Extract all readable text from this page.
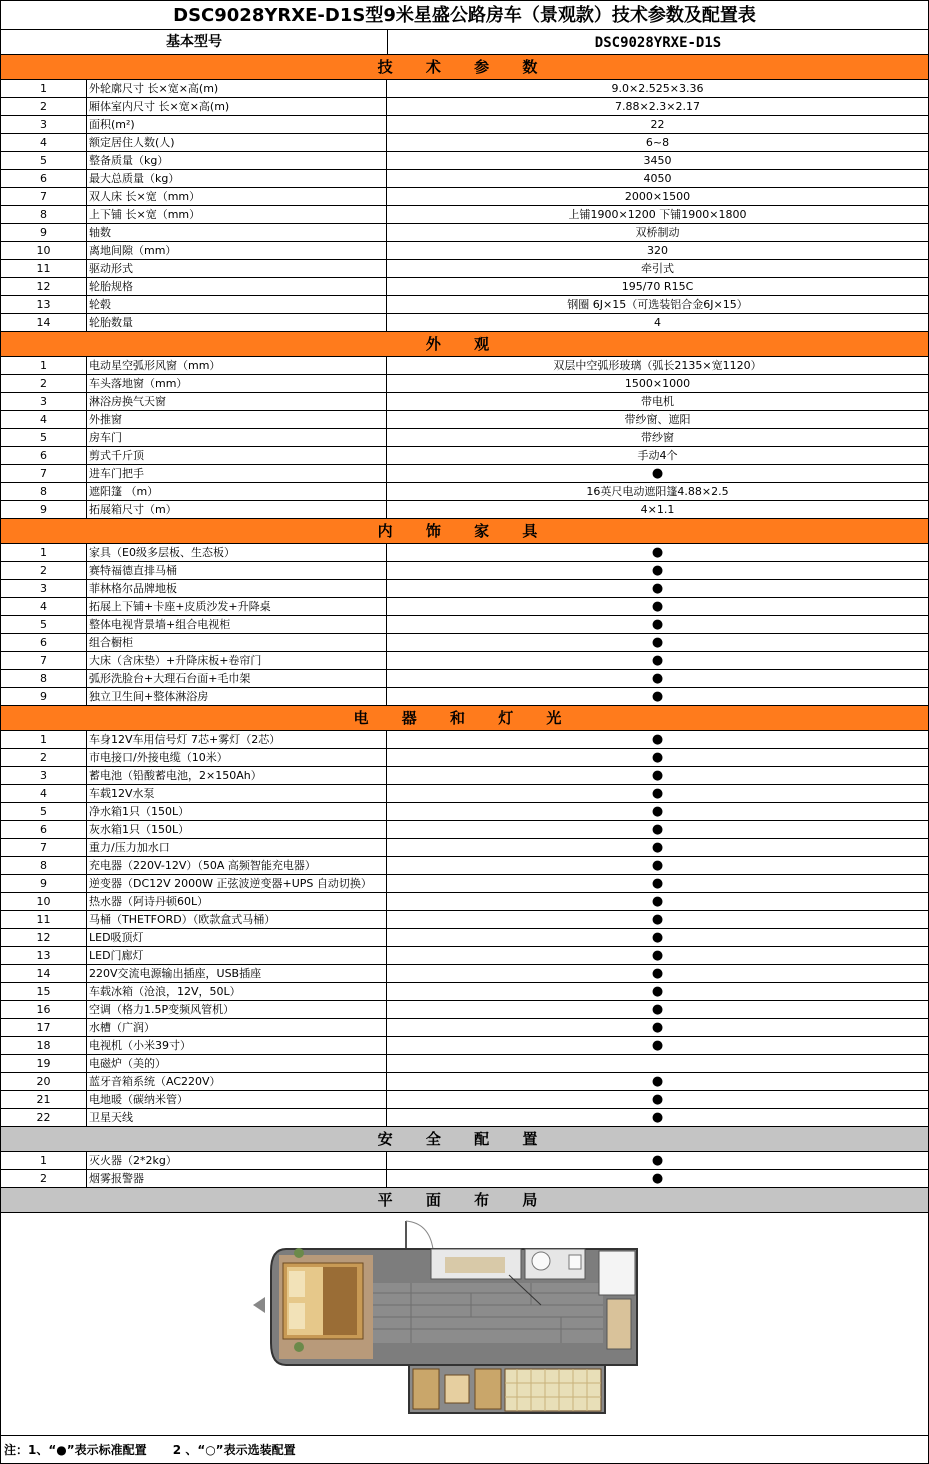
DSC9028YRXE-D1S型9米星盛公路房车（景观款）技术参数及配置表
基本型号	DSC9028YRXE-D1S
技 术 参 数
1	外轮廓尺寸 长×宽×高(m)	9.0×2.525×3.36
2	厢体室内尺寸 长×宽×高(m)	7.88×2.3×2.17
3	面积(m²)	22
4	额定居住人数(人)	6~8
5	整备质量（kg）	3450
6	最大总质量（kg）	4050
7	双人床 长×宽（mm）	2000×1500
8	上下铺 长×宽（mm）	上铺1900×1200 下铺1900×1800
9	轴数	双桥制动
10	离地间隙（mm）	320
11	驱动形式	牵引式
12	轮胎规格	195/70 R15C
13	轮毂	钢圈 6J×15（可选装铝合金6J×15）
14	轮胎数量	4
外 观
1	电动星空弧形风窗（mm）	双层中空弧形玻璃（弧长2135×宽1120）
2	车头落地窗（mm）	1500×1000
3	淋浴房换气天窗	带电机
4	外推窗	带纱窗、遮阳
5	房车门	带纱窗
6	剪式千斤顶	手动4个
7	进车门把手	●
8	遮阳篷 （m）	16英尺电动遮阳篷4.88×2.5
9	拓展箱尺寸（m）	4×1.1
内 饰 家 具
1	家具（E0级多层板、生态板）	●
2	赛特福德直排马桶	●
3	菲林格尔品牌地板	●
4	拓展上下铺+卡座+皮质沙发+升降桌	●
5	整体电视背景墙+组合电视柜	●
6	组合橱柜	●
7	大床（含床垫）+升降床板+卷帘门	●
8	弧形洗脸台+大理石台面+毛巾架	●
9	独立卫生间+整体淋浴房	●
电 器 和 灯 光
1	车身12V车用信号灯 7芯+雾灯（2芯）	●
2	市电接口/外接电缆（10米）	●
3	蓄电池（铅酸蓄电池，2×150Ah）	●
4	车载12V水泵	●
5	净水箱1只（150L）	●
6	灰水箱1只（150L）	●
7	重力/压力加水口	●
8	充电器（220V-12V）（50A 高频智能充电器）	●
9	逆变器（DC12V 2000W 正弦波逆变器+UPS 自动切换）	●
10	热水器（阿诗丹顿60L）	●
11	马桶（THETFORD）（欧款盒式马桶）	●
12	LED吸顶灯	●
13	LED门廊灯	●
14	220V交流电源输出插座，USB插座	●
15	车载冰箱（沧浪，12V，50L）	●
16	空调（格力1.5P变频风管机）	●
17	水槽（广润）	●
18	电视机（小米39寸）	●
19	电磁炉（美的）
20	蓝牙音箱系统（AC220V）	●
21	电地暖（碳纳米管）	●
22	卫星天线	●
安 全 配 置
1	灭火器（2*2kg）	●
2	烟雾报警器	●
平 面 布 局
注：1、“●”表示标准配置 2 、“○”表示选装配置
